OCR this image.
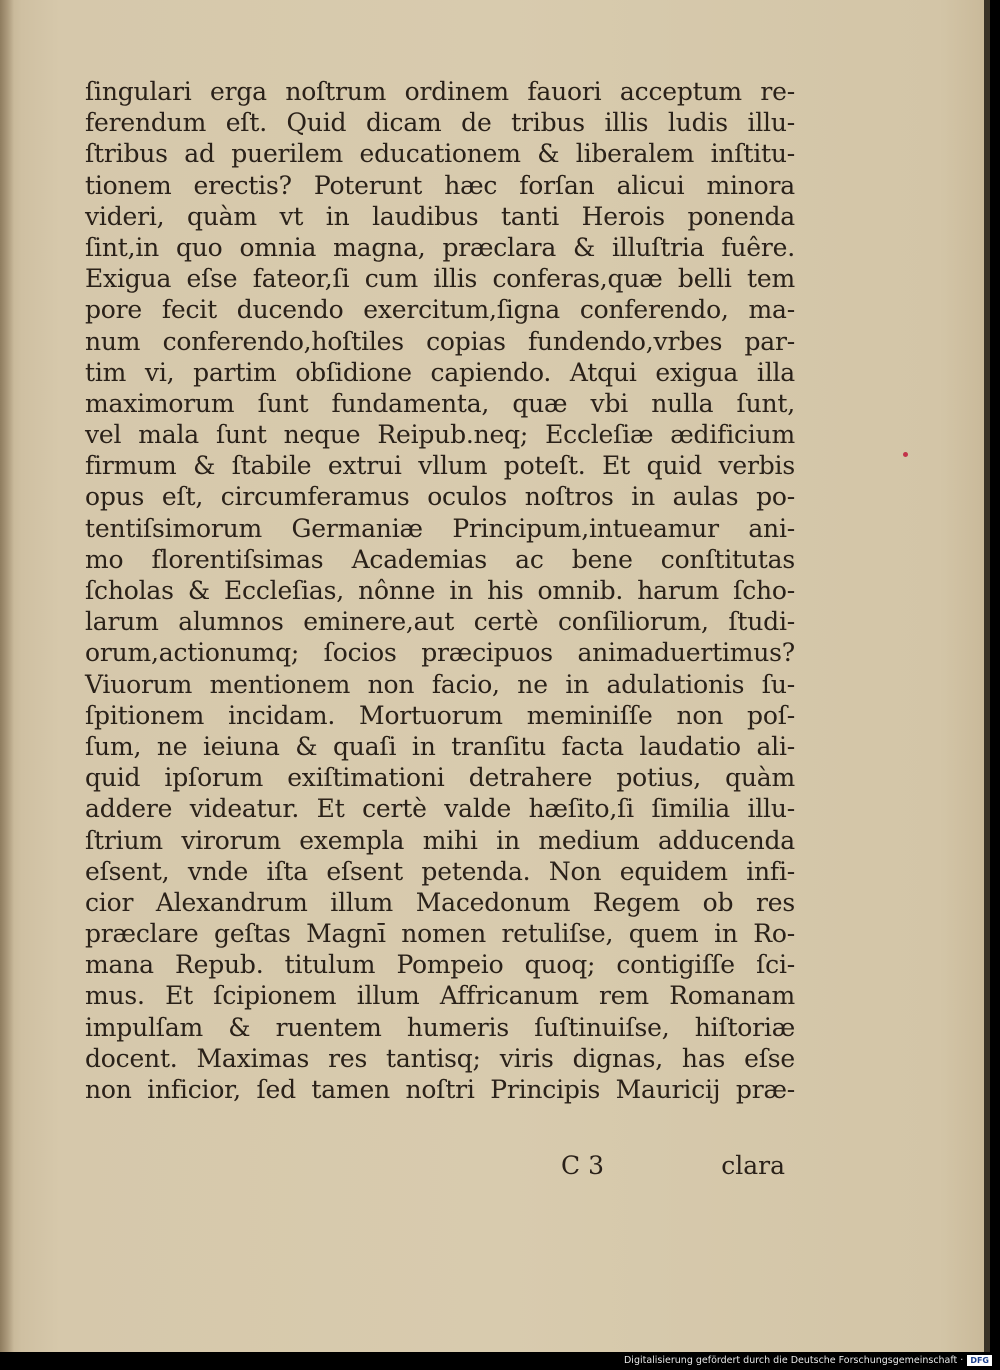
ſingulari erga noſtrum ordinem fauori acceptum re-
ferendum eſt. Quid dicam de tribus illis ludis illu-
ſtribus ad puerilem educationem & liberalem inſtitu-
tionem erectis? Poterunt hæc forſan alicui minora
videri, quàm vt in laudibus tanti Herois ponenda
ſint,in quo omnia magna, præclara & illuſtria fuêre.
Exigua eſse fateor,ſi cum illis conferas,quæ belli tem
pore fecit ducendo exercitum,ſigna conferendo, ma-
num conferendo,hoſtiles copias fundendo,vrbes par-
tim vi, partim obſidione capiendo. Atqui exigua illa
maximorum ſunt fundamenta, quæ vbi nulla ſunt,
vel mala ſunt neque Reipub.neq; Eccleſiæ ædificium
firmum & ſtabile extrui vllum poteſt. Et quid verbis
opus eſt, circumferamus oculos noſtros in aulas po-
tentiſsimorum Germaniæ Principum,intueamur ani-
mo florentiſsimas Academias ac bene conſtitutas
ſcholas & Eccleſias, nônne in his omnib. harum ſcho-
larum alumnos eminere,aut certè conſiliorum, ſtudi-
orum,actionumq; ſocios præcipuos animaduertimus?
Viuorum mentionem non facio, ne in adulationis ſu-
ſpitionem incidam. Mortuorum meminiſſe non poſ-
ſum, ne ieiuna & quaſi in tranſitu facta laudatio ali-
quid ipſorum exiſtimationi detrahere potius, quàm
addere videatur. Et certè valde hæſito,ſi ſimilia illu-
ſtrium virorum exempla mihi in medium adducenda
eſsent, vnde iſta eſsent petenda. Non equidem infi-
cior Alexandrum illum Macedonum Regem ob res
præclare geſtas Magnī nomen retuliſse, quem in Ro-
mana Repub. titulum Pompeio quoq; contigiſſe ſci-
mus. Et ſcipionem illum Affricanum rem Romanam
impulſam & ruentem humeris ſuſtinuiſse, hiſtoriæ
docent. Maximas res tantisq; viris dignas, has eſse
non inficior, ſed tamen noſtri Principis Mauricij præ-
C 3	clara
Digitalisierung gefördert durch die Deutsche Forschungsgemeinschaft · DFG
